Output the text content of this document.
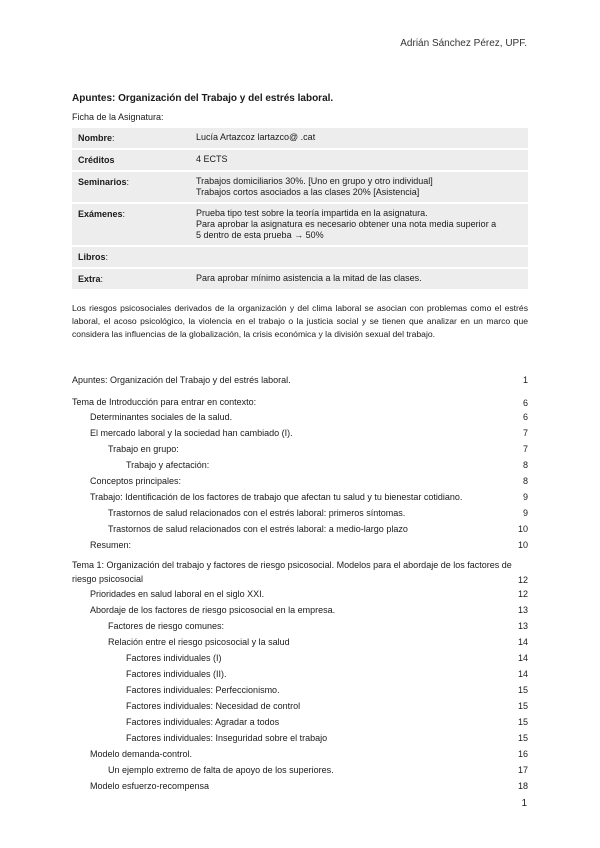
Adrián Sánchez Pérez, UPF.
Apuntes: Organización del Trabajo y del estrés laboral.
Ficha de la Asignatura:
Nombre:	Lucía Artazcoz lartazco@ .cat

Créditos	4 ECTS

Seminarios:	Trabajos domiciliarios 30%. [Uno en grupo y otro individual]
Trabajos cortos asociados a las clases 20% [Asistencia]

Exámenes:	Prueba tipo test sobre la teoría impartida en la asignatura.
Para aprobar la asignatura es necesario obtener una nota media superior a
5 dentro de esta prueba → 50%

Libros:	

Extra:	Para aprobar mínimo asistencia a la mitad de las clases.
Los riesgos psicosociales derivados de la organización y del clima laboral se asocian con problemas como el estrés laboral, el acoso psicológico, la violencia en el trabajo o la justicia social y se tienen que analizar en un marco que considera las influencias de la globalización, la crisis económica y la división sexual del trabajo.
Apuntes: Organización del Trabajo y del estrés laboral.	1
Tema de Introducción para entrar en contexto:	6
Determinantes sociales de la salud.	6
El mercado laboral y la sociedad han cambiado (I).	7
Trabajo en grupo:	7
Trabajo y afectación:	8
Conceptos principales:	8
Trabajo: Identificación de los factores de trabajo que afectan tu salud y tu bienestar cotidiano.	9
Trastornos de salud relacionados con el estrés laboral: primeros síntomas.	9
Trastornos de salud relacionados con el estrés laboral: a medio-largo plazo	10
Resumen:	10
Tema 1: Organización del trabajo y factores de riesgo psicosocial. Modelos para el abordaje de los factores de riesgo psicosocial	12
Prioridades en salud laboral en el siglo XXI.	12
Abordaje de los factores de riesgo psicosocial en la empresa.	13
Factores de riesgo comunes:	13
Relación entre el riesgo psicosocial y la salud	14
Factores individuales (I)	14
Factores individuales (II).	14
Factores individuales: Perfeccionismo.	15
Factores individuales: Necesidad de control	15
Factores individuales: Agradar a todos	15
Factores individuales: Inseguridad sobre el trabajo	15
Modelo demanda-control.	16
Un ejemplo extremo de falta de apoyo de los superiores.	17
Modelo esfuerzo-recompensa	18
1
